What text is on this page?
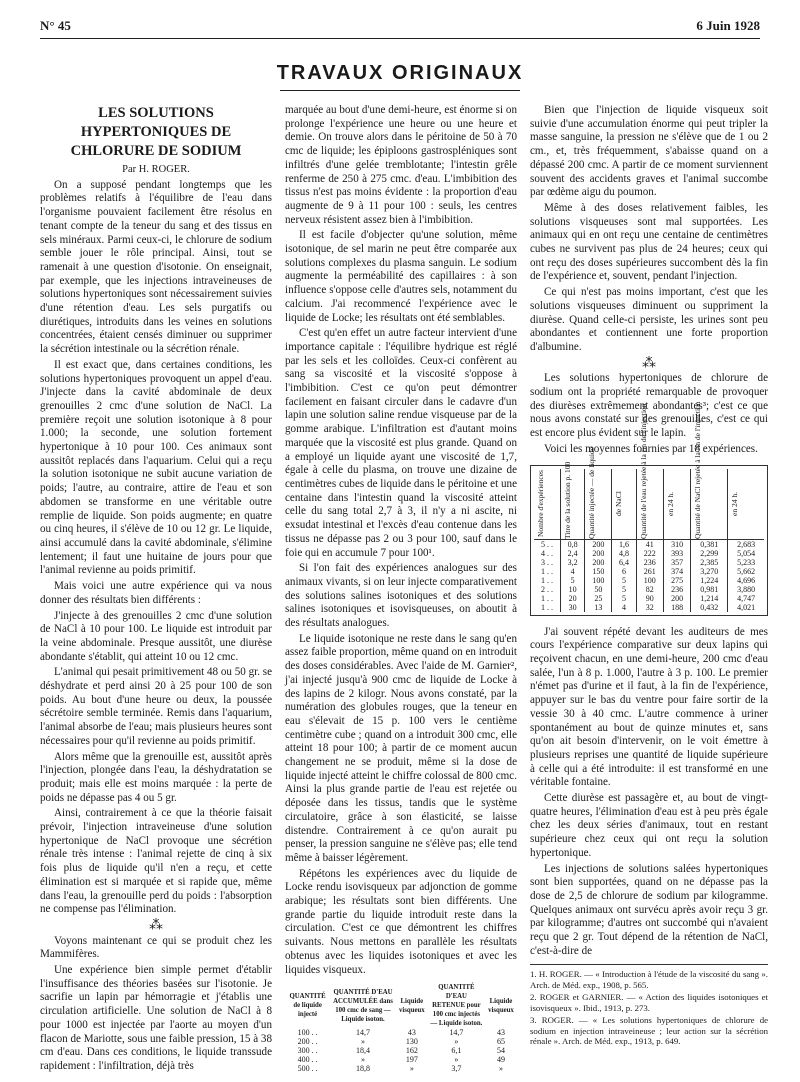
N° 45	6 Juin 1928
TRAVAUX ORIGINAUX

LES SOLUTIONS HYPERTONIQUES DE CHLORURE DE SODIUM

Par H. ROGER.

On a supposé pendant longtemps que les problèmes relatifs à l'équilibre de l'eau dans l'organisme pouvaient facilement être résolus en tenant compte de la teneur du sang et des tissus en sels minéraux. Parmi ceux-ci, le chlorure de sodium semble jouer le rôle principal. Ainsi, tout se ramenait à une question d'isotonie. On enseignait, par exemple, que les injections intraveineuses de solutions hypertoniques sont nécessairement suivies d'une rétention d'eau. Les sels purgatifs ou diurétiques, introduits dans les veines en solutions concentrées, étaient censés diminuer ou supprimer la sécrétion intestinale ou la sécrétion rénale.

Il est exact que, dans certaines conditions, les solutions hypertoniques provoquent un appel d'eau. J'injecte dans la cavité abdominale de deux grenouilles 2 cmc d'une solution de NaCl. La première reçoit une solution isotonique à 8 pour 1.000; la seconde, une solution fortement hypertonique à 10 pour 100. Ces animaux sont aussitôt replacés dans l'aquarium. Celui qui a reçu la solution isotonique ne subit aucune variation de poids; l'autre, au contraire, attire de l'eau et son abdomen se transforme en une véritable outre remplie de liquide. Son poids augmente; en quatre ou cinq heures, il s'élève de 10 ou 12 gr. Le liquide, ainsi accumulé dans la cavité abdominale, s'élimine lentement; il faut une huitaine de jours pour que l'animal revienne au poids primitif.

Mais voici une autre expérience qui va nous donner des résultats bien différents :

J'injecte à des grenouilles 2 cmc d'une solution de NaCl à 10 pour 100. Le liquide est introduit par la veine abdominale. Presque aussitôt, une diurèse abondante s'établit, qui atteint 10 ou 12 cmc.

L'animal qui pesait primitivement 48 ou 50 gr. se déshydrate et perd ainsi 20 à 25 pour 100 de son poids. Au bout d'une heure ou deux, la poussée sécrétoire semble terminée. Remis dans l'aquarium, l'animal absorbe de l'eau; mais plusieurs heures sont nécessaires pour qu'il revienne au poids primitif.

Alors même que la grenouille est, aussitôt après l'injection, plongée dans l'eau, la déshydratation se produit; mais elle est moins marquée : la perte de poids ne dépasse pas 4 ou 5 gr.

Ainsi, contrairement à ce que la théorie faisait prévoir, l'injection intraveineuse d'une solution hypertonique de NaCl provoque une sécrétion rénale très intense : l'animal rejette de cinq à six fois plus de liquide qu'il n'en a reçu, et cette élimination est si marquée et si rapide que, même dans l'eau, la grenouille perd du poids : l'absorption ne compense pas l'élimination.

⁂

Voyons maintenant ce qui se produit chez les Mammifères.

Une expérience bien simple permet d'établir l'insuffisance des théories basées sur l'isotonie. Je sacrifie un lapin par hémorragie et j'établis une circulation artificielle. Une solution de NaCl à 8 pour 1000 est injectée par l'aorte au moyen d'un flacon de Mariotte, sous une faible pression, 15 à 38 cm d'eau. Dans ces conditions, le liquide transsude rapidement : l'infiltration, déjà très

marquée au bout d'une demi-heure, est énorme si on prolonge l'expérience une heure ou une heure et demie. On trouve alors dans le péritoine de 50 à 70 cmc de liquide; les épiploons gastrospléniques sont infiltrés d'une gelée tremblotante; l'intestin grêle renferme de 250 à 275 cmc. d'eau. L'imbibition des tissus n'est pas moins évidente : la proportion d'eau augmente de 9 à 11 pour 100 : seuls, les centres nerveux résistent assez bien à l'imbibition.

Il est facile d'objecter qu'une solution, même isotonique, de sel marin ne peut être comparée aux solutions complexes du plasma sanguin. Le sodium augmente la perméabilité des capillaires : à son influence s'oppose celle d'autres sels, notamment du calcium. J'ai recommencé l'expérience avec le liquide de Locke; les résultats ont été semblables.

C'est qu'en effet un autre facteur intervient d'une importance capitale : l'équilibre hydrique est réglé par les sels et les colloïdes. Ceux-ci confèrent au sang sa viscosité et la viscosité s'oppose à l'imbibition. C'est ce qu'on peut démontrer facilement en faisant circuler dans le cadavre d'un lapin une solution saline rendue visqueuse par de la gomme arabique. L'infiltration est d'autant moins marquée que la viscosité est plus grande. Quand on a employé un liquide ayant une viscosité de 1,7, égale à celle du plasma, on trouve une dizaine de centimètres cubes de liquide dans le péritoine et une centaine dans l'intestin quand la viscosité atteint celle du sang total 2,7 à 3, il n'y a ni ascite, ni exsudat intestinal et l'excès d'eau contenue dans les tissus ne dépasse pas 2 ou 3 pour 100, sauf dans le foie qui en accumule 7 pour 100¹.

Si l'on fait des expériences analogues sur des animaux vivants, si on leur injecte comparativement des solutions salines isotoniques et des solutions salines isotoniques et isovisqueuses, on aboutit à des résultats analogues.

Le liquide isotonique ne reste dans le sang qu'en assez faible proportion, même quand on en introduit des doses considérables. Avec l'aide de M. Garnier², j'ai injecté jusqu'à 900 cmc de liquide de Locke à des lapins de 2 kilogr. Nous avons constaté, par la numération des globules rouges, que la teneur en eau s'élevait de 15 p. 100 vers le centième centimètre cube ; quand on a introduit 300 cmc, elle atteint 18 pour 100; à partir de ce moment aucun changement ne se produit, même si la dose de liquide injecté atteint le chiffre colossal de 800 cmc. Ainsi la plus grande partie de l'eau est rejetée ou déposée dans les tissus, tandis que le système circulatoire, grâce à son élasticité, se laisse distendre. Contrairement à ce qu'on aurait pu penser, la pression sanguine ne s'élève pas; elle tend même à baisser légèrement.

Répétons les expériences avec du liquide de Locke rendu isovisqueux par adjonction de gomme arabique; les résultats sont bien différents. Une grande partie du liquide introduit reste dans la circulation. C'est ce que démontrent les chiffres suivants. Nous mettons en parallèle les résultats obtenus avec les liquides isotoniques et avec les liquides visqueux.

QUANTITÉ de liquide injecté	QUANTITÉ D'EAU ACCUMULÉE dans 100 cmc de sang — Liquide isoton.	Liquide visqueux	QUANTITÉ D'EAU RETENUE pour 100 cmc injectés — Liquide isoton.	Liquide visqueux
100 . .	14,7	43	14,7	43
200 . .	»	130	»	65
300 . .	18,4	162	6,1	54
400 . .	»	197	»	49
500 . .	18,8	»	3,7	»

Bien que l'injection de liquide visqueux soit suivie d'une accumulation énorme qui peut tripler la masse sanguine, la pression ne s'élève que de 1 ou 2 cm., et, très fréquemment, s'abaisse quand on a dépassé 200 cmc. A partir de ce moment surviennent souvent des accidents graves et l'animal succombe par œdème aigu du poumon.

Même à des doses relativement faibles, les solutions visqueuses sont mal supportées. Les animaux qui en ont reçu une centaine de centimètres cubes ne survivent pas plus de 24 heures; ceux qui ont reçu des doses supérieures succombent dès la fin de l'expérience et, souvent, pendant l'injection.

Ce qui n'est pas moins important, c'est que les solutions visqueuses diminuent ou suppriment la diurèse. Quand celle-ci persiste, les urines sont peu abondantes et contiennent une forte proportion d'albumine.

⁂

Les solutions hypertoniques de chlorure de sodium ont la propriété remarquable de provoquer des diurèses extrêmement abondantes³; c'est ce que nous avons constaté sur des grenouilles, c'est ce qui est encore plus évident sur le lapin.

Voici les moyennes fournies par 18 expériences.

Nombre d'expériences	Titre de la solution p. 100	Quantité injectée — de liquide	de NaCl	Quantité de l'eau rejetée à la fin de l'injection	en 24 h.	Quantité de NaCl rejetée à la fin de l'injection	en 24 h.

5 . .	0,8	200	1,6	41	310	0,381	2,683
4 . .	2,4	200	4,8	222	393	2,299	5,054
3 . .	3,2	200	6,4	236	357	2,385	5,233
1 . .	4	150	6	261	374	3,270	5,662
1 . .	5	100	5	100	275	1,224	4,696
2 . .	10	50	5	82	236	0,981	3,880
1 . .	20	25	5	90	200	1,214	4,747
1 . .	30	13	4	32	188	0,432	4,021

J'ai souvent répété devant les auditeurs de mes cours l'expérience comparative sur deux lapins qui reçoivent chacun, en une demi-heure, 200 cmc d'eau salée, l'un à 8 p. 1.000, l'autre à 3 p. 100. Le premier n'émet pas d'urine et il faut, à la fin de l'expérience, appuyer sur le bas du ventre pour faire sortir de la vessie 30 à 40 cmc. L'autre commence à uriner spontanément au bout de quinze minutes et, sans qu'on ait besoin d'intervenir, on le voit émettre à plusieurs reprises une quantité de liquide supérieure à celle qui a été introduite: il est transformé en une véritable fontaine.

Cette diurèse est passagère et, au bout de vingt-quatre heures, l'élimination d'eau est à peu près égale chez les deux séries d'animaux, tout en restant supérieure chez ceux qui ont reçu la solution hypertonique.

Les injections de solutions salées hypertoniques sont bien supportées, quand on ne dépasse pas la dose de 2,5 de chlorure de sodium par kilogramme. Quelques animaux ont survécu après avoir reçu 3 gr. par kilogramme; d'autres ont succombé qui n'avaient reçu que 2 gr. Tout dépend de la rétention de NaCl, c'est-à-dire de

1. H. ROGER. — « Introduction à l'étude de la viscosité du sang ». Arch. de Méd. exp., 1908, p. 565.

2. ROGER et GARNIER. — « Action des liquides isotoniques et isovisqueux ». Ibid., 1913, p. 273.

3. ROGER. — « Les solutions hypertoniques de chlorure de sodium en injection intraveineuse ; leur action sur la sécrétion rénale ». Arch. de Méd. exp., 1913, p. 649.
